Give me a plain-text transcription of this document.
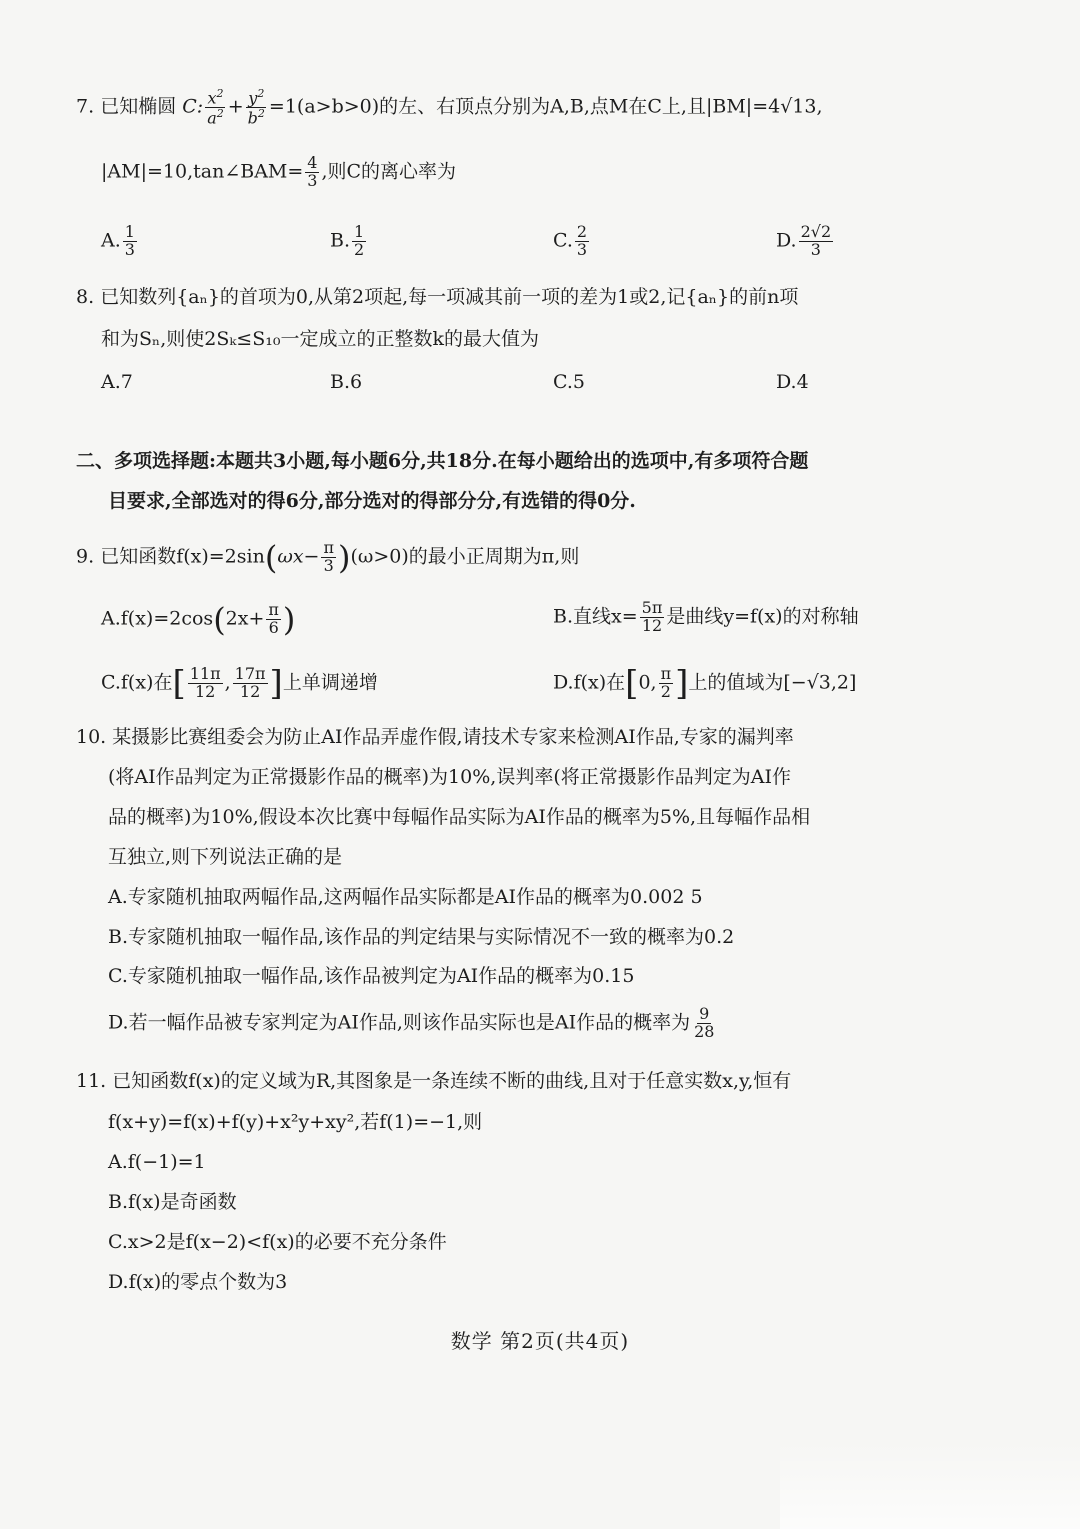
7. 已知椭圆 C: $\frac{x^2}{a^2} + \frac{y^2}{b^2} =1(a>b>0)$的左、右顶点分别为A,B,点M在C上,且|BM|=4√13,
|AM|=10,tan∠BAM= $\frac{4}{3}$ ,则C的离心率为
A. $\frac{1}{3}$	B. $\frac{1}{2}$	C. $\frac{2}{3}$	D. $\frac{2√2}{3}$
8. 已知数列{aₙ}的首项为0,从第2项起,每一项减其前一项的差为1或2,记{aₙ}的前n项
和为Sₙ,则使2Sₖ≤S₁₀一定成立的正整数k的最大值为
A.7	B.6	C.5	D.4
二、多项选择题:本题共3小题,每小题6分,共18分.在每小题给出的选项中,有多项符合题
目要求,全部选对的得6分,部分选对的得部分分,有选错的得0分.
9. 已知函数$f(x)=2\sin(\omega x- \frac{\pi}{3} )(\omega>0)$的最小正周期为π,则
$A.f(x)=2\cos(2x+ \frac{\pi}{6}$ )	B.直线$x= \frac{5\pi}{12}$ 是曲线y=f(x)的对称轴
C.f(x)在[ $\frac{11\pi}{12}$ , $\frac{17\pi}{12}$ ]上单调递增	D.f(x)在[0, $\frac{\pi}{2}$ ]上的值域为[−√3,2]
10. 某摄影比赛组委会为防止AI作品弄虚作假,请技术专家来检测AI作品,专家的漏判率
(将AI作品判定为正常摄影作品的概率)为10%,误判率(将正常摄影作品判定为AI作
品的概率)为10%,假设本次比赛中每幅作品实际为AI作品的概率为5%,且每幅作品相
互独立,则下列说法正确的是
A.专家随机抽取两幅作品,这两幅作品实际都是AI作品的概率为0.002 5
B.专家随机抽取一幅作品,该作品的判定结果与实际情况不一致的概率为0.2
C.专家随机抽取一幅作品,该作品被判定为AI作品的概率为0.15
D.若一幅作品被专家判定为AI作品,则该作品实际也是AI作品的概率为 $\frac{9}{28}$
11. 已知函数f(x)的定义域为R,其图象是一条连续不断的曲线,且对于任意实数x,y,恒有
f(x+y)=f(x)+f(y)+x²y+xy²,若f(1)=−1,则
A.f(−1)=1
B.f(x)是奇函数
C.x>2是f(x−2)<f(x)的必要不充分条件
D.f(x)的零点个数为3
数学 第2页(共4页)
